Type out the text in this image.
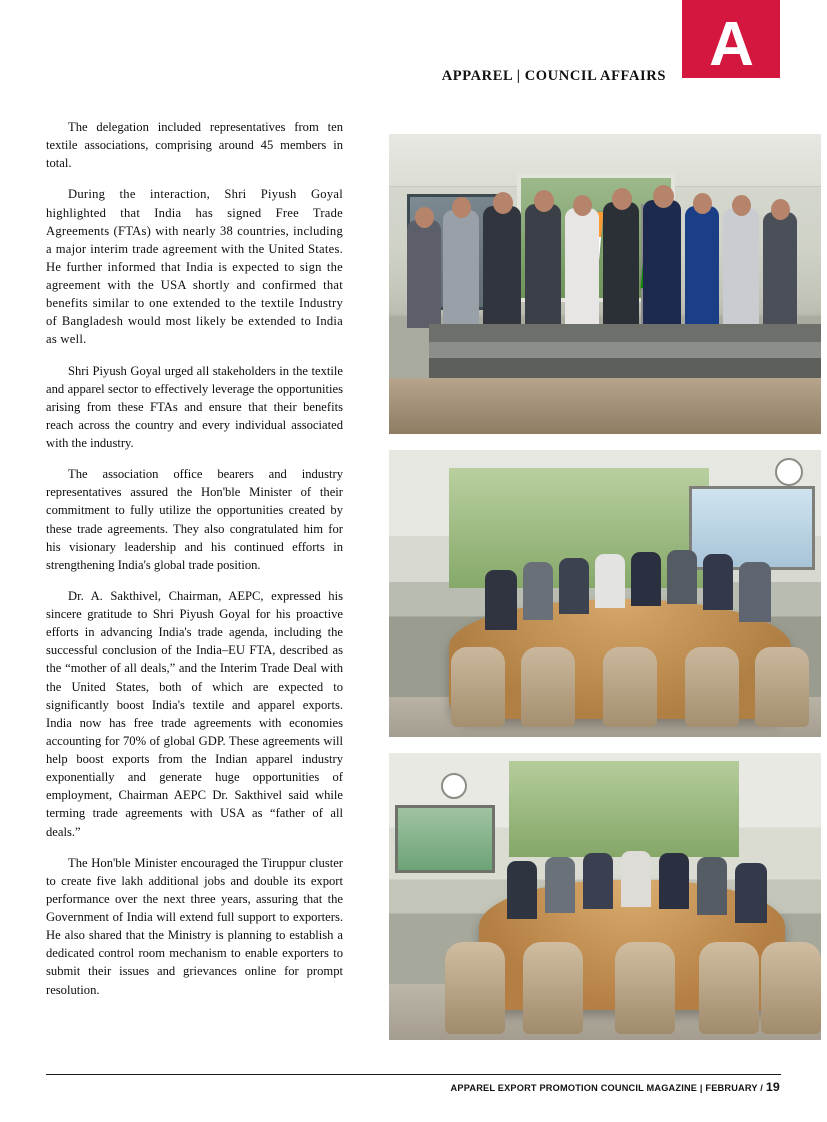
A
APPAREL | COUNCIL AFFAIRS

The delegation included representatives from ten textile associations, comprising around 45 members in total.

During the interaction, Shri Piyush Goyal highlighted that India has signed Free Trade Agreements (FTAs) with nearly 38 countries, including a major interim trade agreement with the United States. He further informed that India is expected to sign the agreement with the USA shortly and confirmed that benefits similar to one extended to the textile Industry of Bangladesh would most likely be extended to India as well.

Shri Piyush Goyal urged all stakeholders in the textile and apparel sector to effectively leverage the opportunities arising from these FTAs and ensure that their benefits reach across the country and every individual associated with the industry.

The association office bearers and industry representatives assured the Hon'ble Minister of their commitment to fully utilize the opportunities created by these trade agreements. They also congratulated him for his visionary leadership and his continued efforts in strengthening India's global trade position.

Dr. A. Sakthivel, Chairman, AEPC, expressed his sincere gratitude to Shri Piyush Goyal for his proactive efforts in advancing India's trade agenda, including the successful conclusion of the India–EU FTA, described as the “mother of all deals,” and the Interim Trade Deal with the United States, both of which are expected to significantly boost India's textile and apparel exports. India now has free trade agreements with economies accounting for 70% of global GDP. These agreements will help boost exports from the Indian apparel industry exponentially and generate huge opportunities of employment, Chairman AEPC Dr. Sakthivel said while terming trade agreements with USA as “father of all deals.”

The Hon'ble Minister encouraged the Tiruppur cluster to create five lakh additional jobs and double its export performance over the next three years, assuring that the Government of India will extend full support to exporters. He also shared that the Ministry is planning to establish a dedicated control room mechanism to enable exporters to submit their issues and grievances online for prompt resolution.

APPAREL EXPORT PROMOTION COUNCIL MAGAZINE | FEBRUARY / 19
